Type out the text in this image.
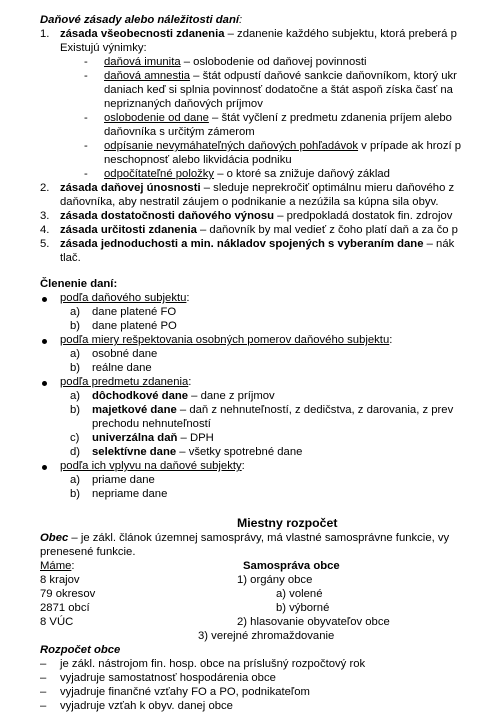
Daňové zásady alebo náležitosti daní:
1. zásada všeobecnosti zdanenia – zdanenie každého subjektu, ktorá preberá p
Existujú výnimky:
- daňová imunita – oslobodenie od daňovej povinnosti
- daňová amnestia – štát odpustí daňové sankcie daňovníkom, ktorý ukr
daniach keď si splnia povinnosť dodatočne a štát aspoň získa časť na
nepriznaných daňových príjmov
- oslobodenie od dane – štát vyčlení z predmetu zdanenia príjem alebo
daňovníka s určitým zámerom
- odpísanie nevymáhateľných daňových pohľadávok v prípade ak hrozí p
neschopnosť alebo likvidácia podniku
- odpočítateľné položky – o ktoré sa znižuje daňový základ
2. zásada daňovej únosnosti – sleduje neprekročiť optimálnu mieru daňového z
daňovníka, aby nestratil záujem o podnikanie a nezúžila sa kúpna sila obyv.
3. zásada dostatočnosti daňového výnosu – predpokladá dostatok fin. zdrojov
4. zásada určitosti zdanenia – daňovník by mal vedieť z čoho platí daň a za čo p
5. zásada jednoduchosti a min. nákladov spojených s vyberaním dane – nák
tlač.
Členenie daní:
podľa daňového subjektu:
a) dane platené FO
b) dane platené PO
podľa miery rešpektovania osobných pomerov daňového subjektu:
a) osobné dane
b) reálne dane
podľa predmetu zdanenia:
a) dôchodkové dane – dane z príjmov
b) majetkové dane – daň z nehnuteľností, z dedičstva, z darovania, z prev
prechodu nehnuteľností
c) univerzálna daň – DPH
d) selektívne dane – všetky spotrebné dane
podľa ich vplyvu na daňové subjekty:
a) priame dane
b) nepriame dane
Miestny rozpočet
Obec – je zákl. článok územnej samosprávy, má vlastné samosprávne funkcie, vy
prenesené funkcie.
Máme:
8 krajov
79 okresov
2871 obcí
8 VÚC
Samospráva obce
1) orgány obce
a) volené
b) výborné
2) hlasovanie obyvateľov obce
3) verejné zhromaždovanie
Rozpočet obce
– je zákl. nástrojom fin. hosp. obce na príslušný rozpočtový rok
– vyjadruje samostatnosť hospodárenia obce
– vyjadruje finančné vzťahy FO a PO, podnikateľom
– vyjadruje vzťah k obyv. danej obce
